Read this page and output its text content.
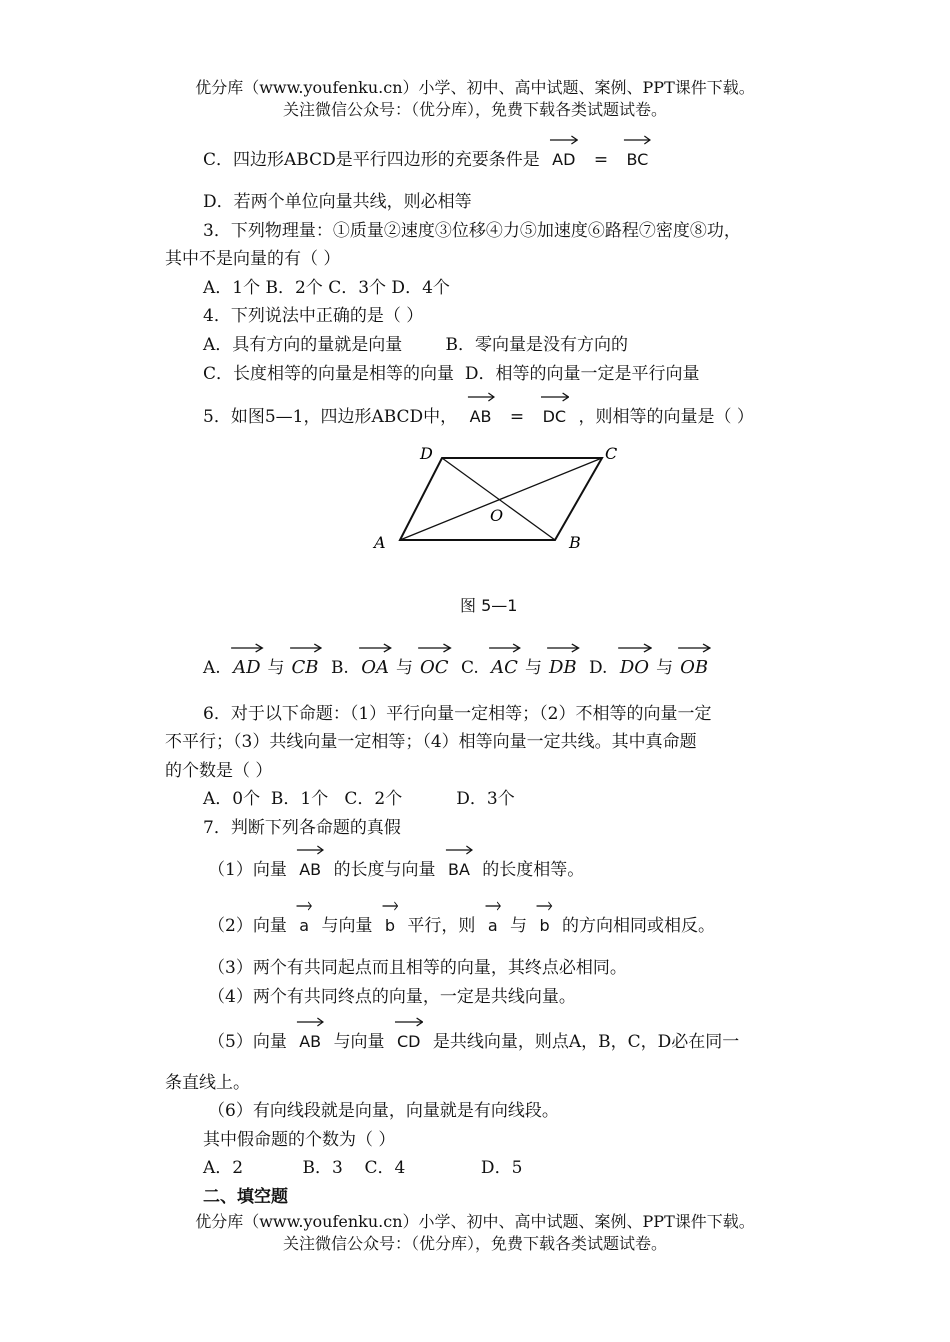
优分库（www.youfenku.cn）小学、初中、高中试题、案例、PPT课件下载。
关注微信公众号：（优分库），免费下载各类试题试卷。
C．四边形ABCD是平行四边形的充要条件是 AD = BC
D．若两个单位向量共线，则必相等
3．下列物理量：①质量②速度③位移④力⑤加速度⑥路程⑦密度⑧功，
其中不是向量的有（ ）
A．1个 B．2个 C．3个 D．4个
4．下列说法中正确的是（ ）
A．具有方向的量就是向量        B．零向量是没有方向的
C．长度相等的向量是相等的向量  D．相等的向量一定是平行向量
5．如图5—1，四边形ABCD中， AB = DC ，则相等的向量是（ ）
D	C
A	B
O
图 5—1
A. AD 与 CB B. OA 与 OC C. AC 与 DB D. DO 与 OB
6．对于以下命题：（1）平行向量一定相等；（2）不相等的向量一定
不平行；（3）共线向量一定相等；（4）相等向量一定共线。其中真命题
的个数是（ ）
A．0个  B．1个   C．2个          D．3个
7．判断下列各命题的真假
（1）向量 AB 的长度与向量 BA 的长度相等。
（2）向量 a 与向量 b 平行，则 a 与 b 的方向相同或相反。
（3）两个有共同起点而且相等的向量，其终点必相同。
（4）两个有共同终点的向量，一定是共线向量。
（5）向量 AB 与向量 CD 是共线向量，则点A，B，C，D必在同一
条直线上。
（6）有向线段就是向量，向量就是有向线段。
其中假命题的个数为（ ）
A．2           B．3    C．4              D．5
二、填空题
优分库（www.youfenku.cn）小学、初中、高中试题、案例、PPT课件下载。
关注微信公众号：（优分库），免费下载各类试题试卷。
